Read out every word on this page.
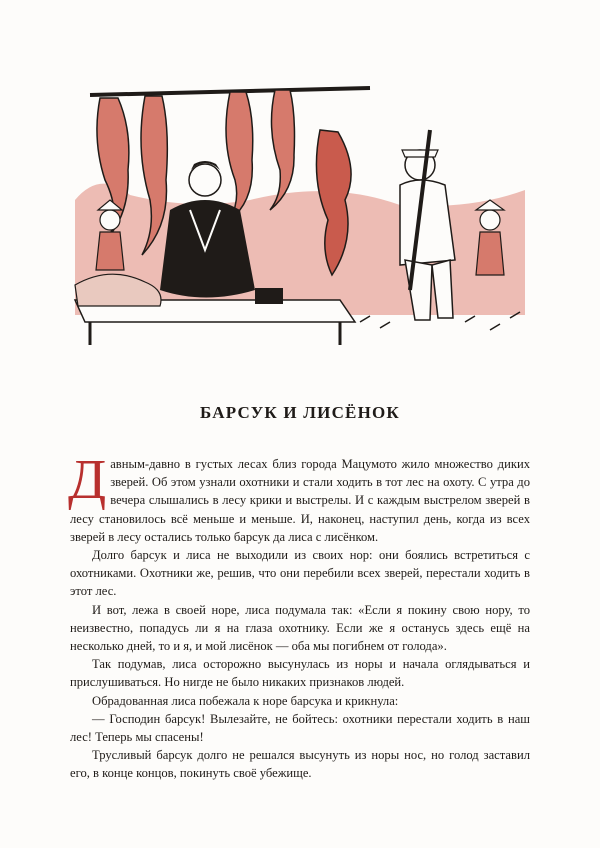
БАРСУК И ЛИСЁНОК

Давным-давно в густых лесах близ города Мацумото жило множество диких зверей. Об этом узнали охотники и стали ходить в тот лес на охоту. С утра до вечера слышались в лесу крики и выстрелы. И с каждым выстрелом зверей в лесу становилось всё меньше и меньше. И, наконец, наступил день, когда из всех зверей в лесу остались только барсук да лиса с лисёнком.

Долго барсук и лиса не выходили из своих нор: они боялись встретиться с охотниками. Охотники же, решив, что они перебили всех зверей, перестали ходить в этот лес.

И вот, лежа в своей норе, лиса подумала так: «Если я покину свою нору, то неизвестно, попадусь ли я на глаза охотнику. Если же я останусь здесь ещё на несколько дней, то и я, и мой лисёнок — оба мы погибнем от голода».

Так подумав, лиса осторожно высунулась из норы и начала оглядываться и прислушиваться. Но нигде не было никаких признаков людей.

Обрадованная лиса побежала к норе барсука и крикнула:

— Господин барсук! Вылезайте, не бойтесь: охотники перестали ходить в наш лес! Теперь мы спасены!

Трусливый барсук долго не решался высунуть из норы нос, но голод заставил его, в конце концов, покинуть своё убежище.
